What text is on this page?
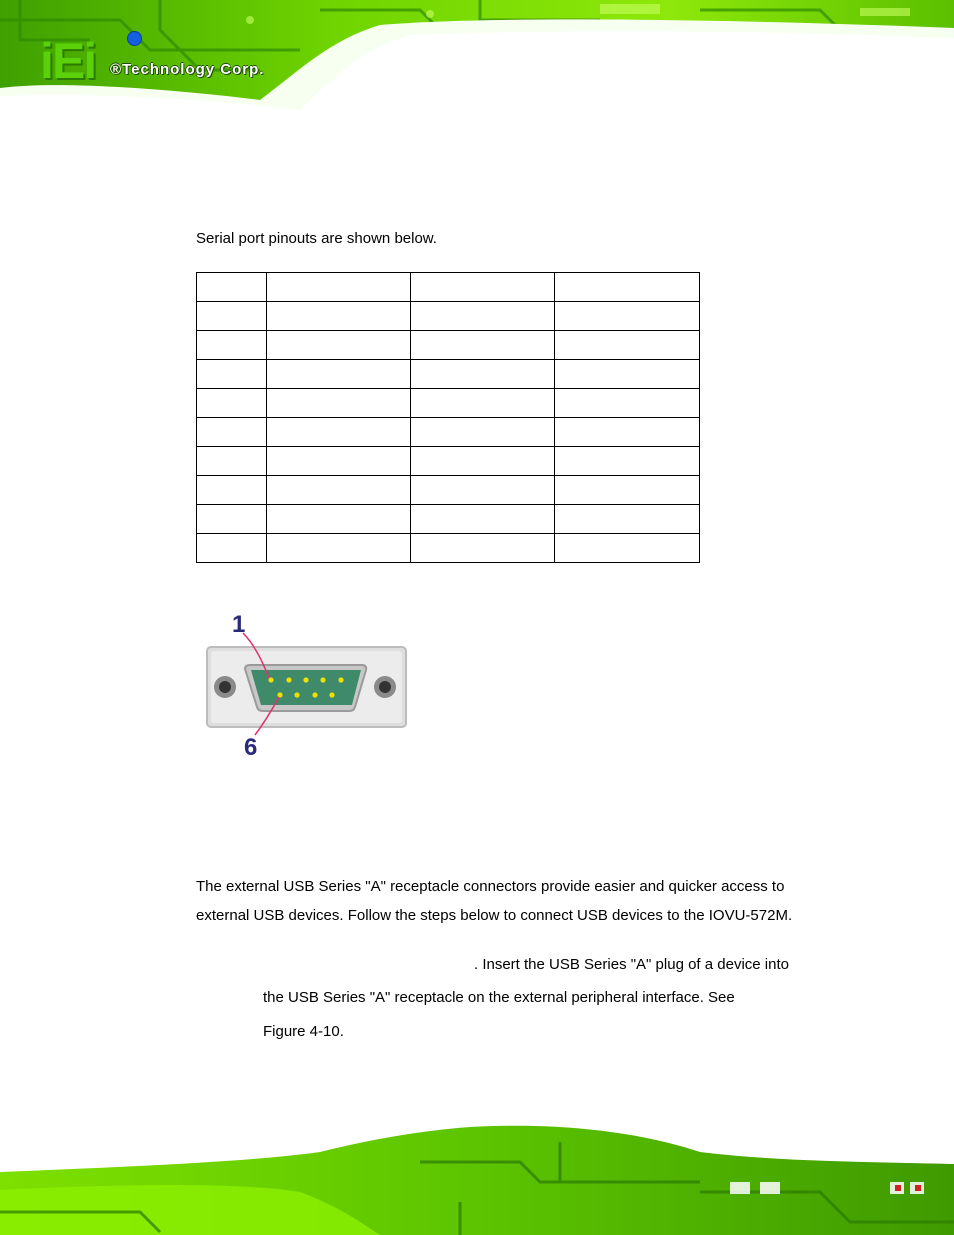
iEi ®Technology Corp.
Serial port pinouts are shown below.

1
6
The external USB Series "A" receptacle connectors provide easier and quicker access to
external USB devices. Follow the steps below to connect USB devices to the IOVU-572M.
. Insert the USB Series "A" plug of a device into
the USB Series "A" receptacle on the external peripheral interface. See
Figure 4-10.
